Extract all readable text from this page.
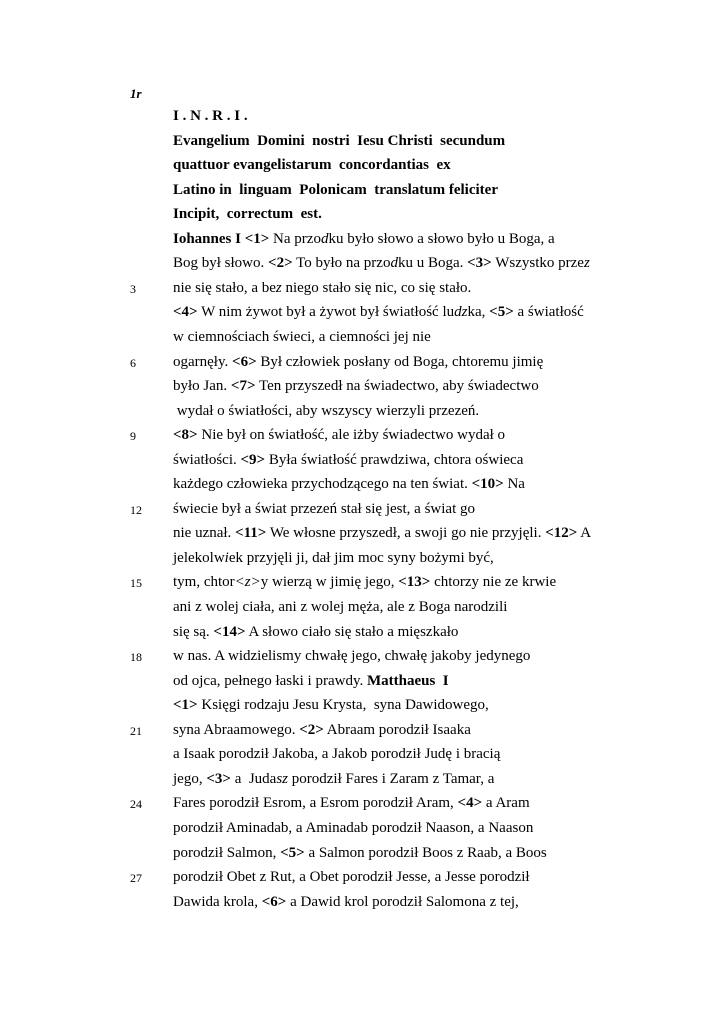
1r
I . N . R . I .
Evangelium  Domini  nostri  Iesu Christi  secundum
quattuor evangelistarum  concordantias  ex
Latino in  linguam  Polonicam  translatum feliciter
Incipit,  correctum  est.
3
6
9
12
15
18
21
24
27
Iohannes I <1> Na przodku było słowo a słowo było u Boga, a
Bog był słowo. <2> To było na przodku u Boga. <3> Wszystko przez
nie się stało, a bez niego stało się nic, co się stało.
<4> W nim żywot był a żywot był światłość ludzka, <5> a światłość
w ciemnościach świeci, a ciemności jej nie
ogarnęły. <6> Był człowiek posłany od Boga, chtoremu jimię
było Jan. <7> Ten przyszedł na świadectwo, aby świadectwo
wydał o światłości, aby wszyscy wierzyli przezeń.
<8> Nie był on światłość, ale iżby świadectwo wydał o
światłości. <9> Była światłość prawdziwa, chtora oświeca
każdego człowieka przychodzącego na ten świat. <10> Na
świecie był a świat przezeń stał się jest, a świat go
nie uznał. <11> We włosne przyszedł, a swoji go nie przyjęli. <12> A
jelekolwiek przyjęli ji, dał jim moc syny bożymi być,
tym, chtor<z>y wierzą w jimię jego, <13> chtorzy nie ze krwie
ani z wolej ciała, ani z wolej męża, ale z Boga narodzili
się są. <14> A słowo ciało się stało a mięszkało
w nas. A widzielismy chwałę jego, chwałę jakoby jedynego
od ojca, pełnego łaski i prawdy. Matthaeus  I
<1> Księgi rodzaju Jesu Krysta,  syna Dawidowego,
syna Abraamowego. <2> Abraam porodził Isaaka
a Isaak porodził Jakoba, a Jakob porodził Judę i bracią
jego, <3> a  Judasz porodził Fares i Zaram z Tamar, a
Fares porodził Esrom, a Esrom porodził Aram, <4> a Aram
porodził Aminadab, a Aminadab porodził Naason, a Naason
porodził Salmon, <5> a Salmon porodził Boos z Raab, a Boos
porodził Obet z Rut, a Obet porodził Jesse, a Jesse porodził
Dawida krola, <6> a Dawid krol porodził Salomona z tej,
